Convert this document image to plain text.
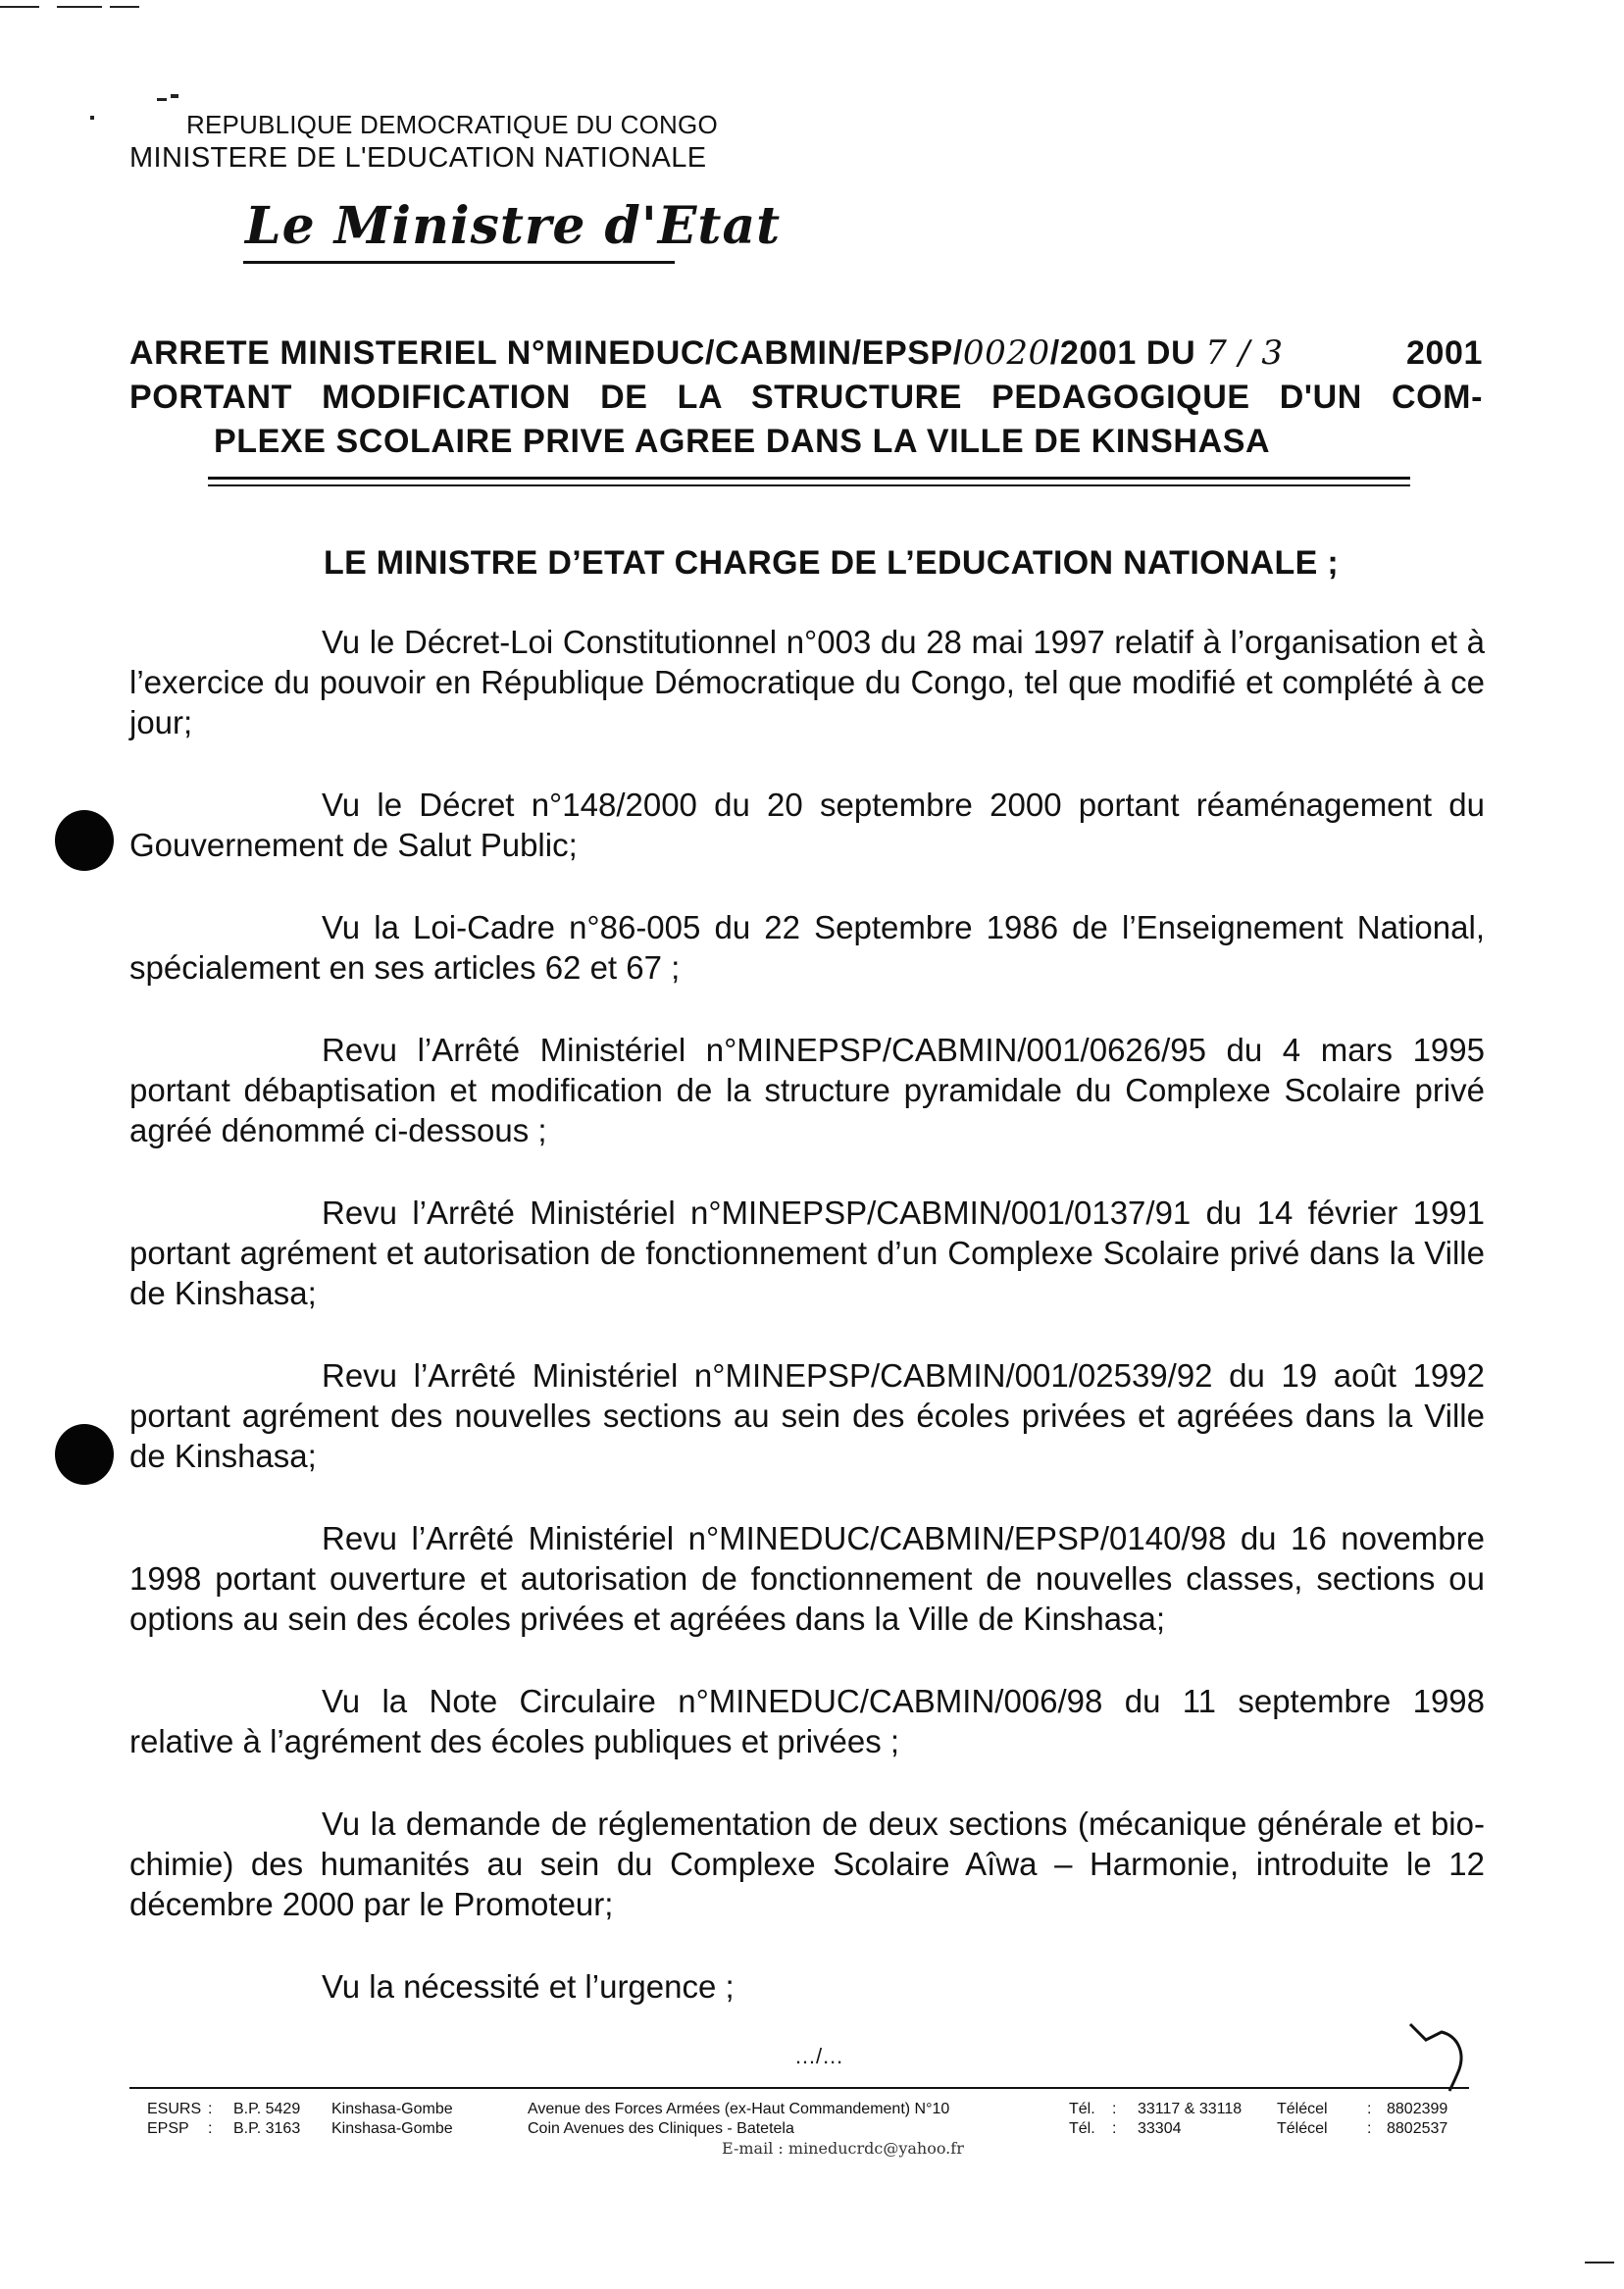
REPUBLIQUE DEMOCRATIQUE DU CONGO
MINISTERE DE L'EDUCATION NATIONALE
Le Ministre d'Etat
ARRETE MINISTERIEL N°MINEDUC/CABMIN/EPSP/0020/2001 DU 7 / 3	2001
PORTANT MODIFICATION DE LA STRUCTURE PEDAGOGIQUE D'UN COM-
PLEXE SCOLAIRE PRIVE AGREE DANS LA VILLE DE KINSHASA
LE MINISTRE D’ETAT CHARGE DE L’EDUCATION NATIONALE ;

Vu le Décret-Loi Constitutionnel n°003 du 28 mai 1997 relatif à l’organisation et à l’exercice du pouvoir en République Démocratique du Congo, tel que modifié et complété à ce jour;

Vu le Décret n°148/2000 du 20 septembre 2000 portant réaménagement du Gouvernement de Salut Public;

Vu la Loi-Cadre n°86-005 du 22 Septembre 1986 de l’Enseignement National, spécialement en ses articles 62 et 67 ;

Revu l’Arrêté Ministériel n°MINEPSP/CABMIN/001/0626/95 du 4 mars 1995 portant débaptisation et modification de la structure pyramidale du Complexe Scolaire privé agréé dénommé ci-dessous ;

Revu l’Arrêté Ministériel n°MINEPSP/CABMIN/001/0137/91 du 14 février 1991 portant agrément et autorisation de fonctionnement d’un Complexe Scolaire privé dans la Ville de Kinshasa;

Revu l’Arrêté Ministériel n°MINEPSP/CABMIN/001/02539/92 du 19 août 1992 portant agrément des nouvelles sections au sein des écoles privées et agréées dans la Ville de Kinshasa;

Revu l’Arrêté Ministériel n°MINEDUC/CABMIN/EPSP/0140/98 du 16 novembre 1998 portant ouverture et autorisation de fonctionnement de nouvelles classes, sections ou options au sein des écoles privées et agréées dans la Ville de Kinshasa;

Vu la Note Circulaire n°MINEDUC/CABMIN/006/98 du 11 septembre 1998 relative à l’agrément des écoles publiques et privées ;

Vu la demande de réglementation de deux sections (mécanique générale et bio-chimie) des humanités au sein du Complexe Scolaire Aîwa – Harmonie, introduite le 12 décembre 2000 par le Promoteur;

Vu la nécessité et l’urgence ;

…/…
ESURS :	B.P. 5429	Kinshasa-Gombe	Avenue des Forces Armées (ex-Haut Commandement) N°10	Tél.	:	33117 & 33118	Télécel	: 8802399
EPSP	:	B.P. 3163	Kinshasa-Gombe	Coin Avenues des Cliniques - Batetela	Tél.	:	33304	Télécel	: 8802537
E-mail : mineducrdc@yahoo.fr
